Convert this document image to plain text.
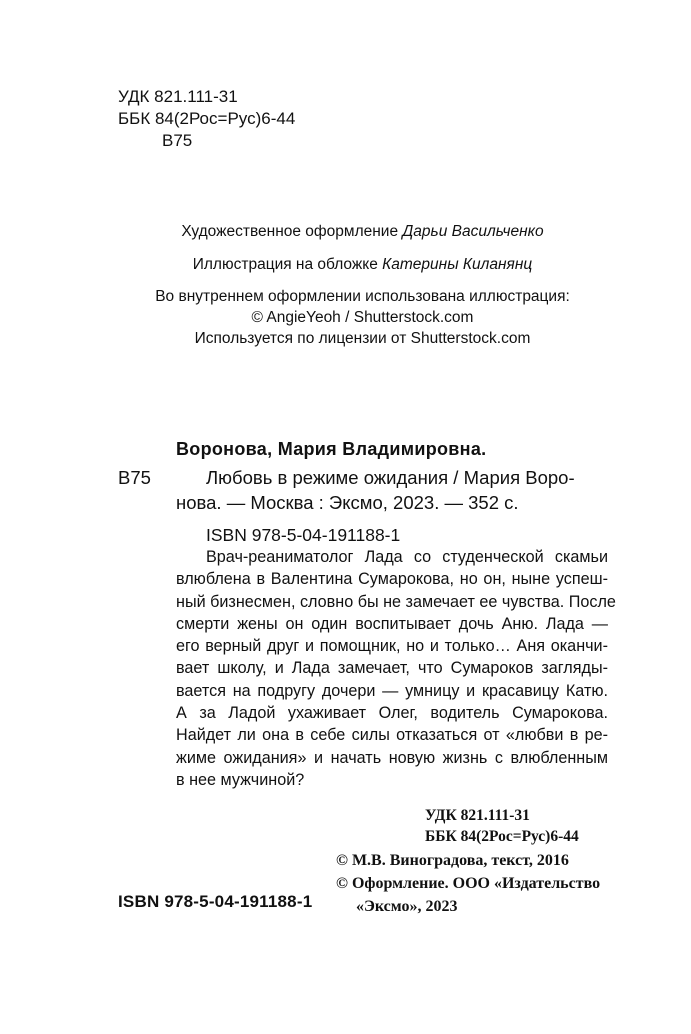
УДК 821.111-31
ББК 84(2Рос=Рус)6-44
В75
Художественное оформление Дарьи Васильченко
Иллюстрация на обложке Катерины Киланянц
Во внутреннем оформлении использована иллюстрация:
© AngieYeoh / Shutterstock.com
Используется по лицензии от Shutterstock.com
Воронова, Мария Владимировна.
В75	Любовь в режиме ожидания / Мария Воро-
нова. — Москва : Эксмо, 2023. — 352 с.
ISBN 978-5-04-191188-1
Врач-реаниматолог Лада со студенческой скамьи
влюблена в Валентина Сумарокова, но он, ныне успеш-
ный бизнесмен, словно бы не замечает ее чувства. После
смерти жены он один воспитывает дочь Аню. Лада —
его верный друг и помощник, но и только… Аня оканчи-
вает школу, и Лада замечает, что Сумароков загляды-
вается на подругу дочери — умницу и красавицу Катю.
А за Ладой ухаживает Олег, водитель Сумарокова.
Найдет ли она в себе силы отказаться от «любви в ре-
жиме ожидания» и начать новую жизнь с влюбленным
в нее мужчиной?
УДК 821.111-31
ББК 84(2Рос=Рус)6-44
© М.В. Виноградова, текст, 2016
© Оформление. ООО «Издательство
«Эксмо», 2023
ISBN 978-5-04-191188-1
